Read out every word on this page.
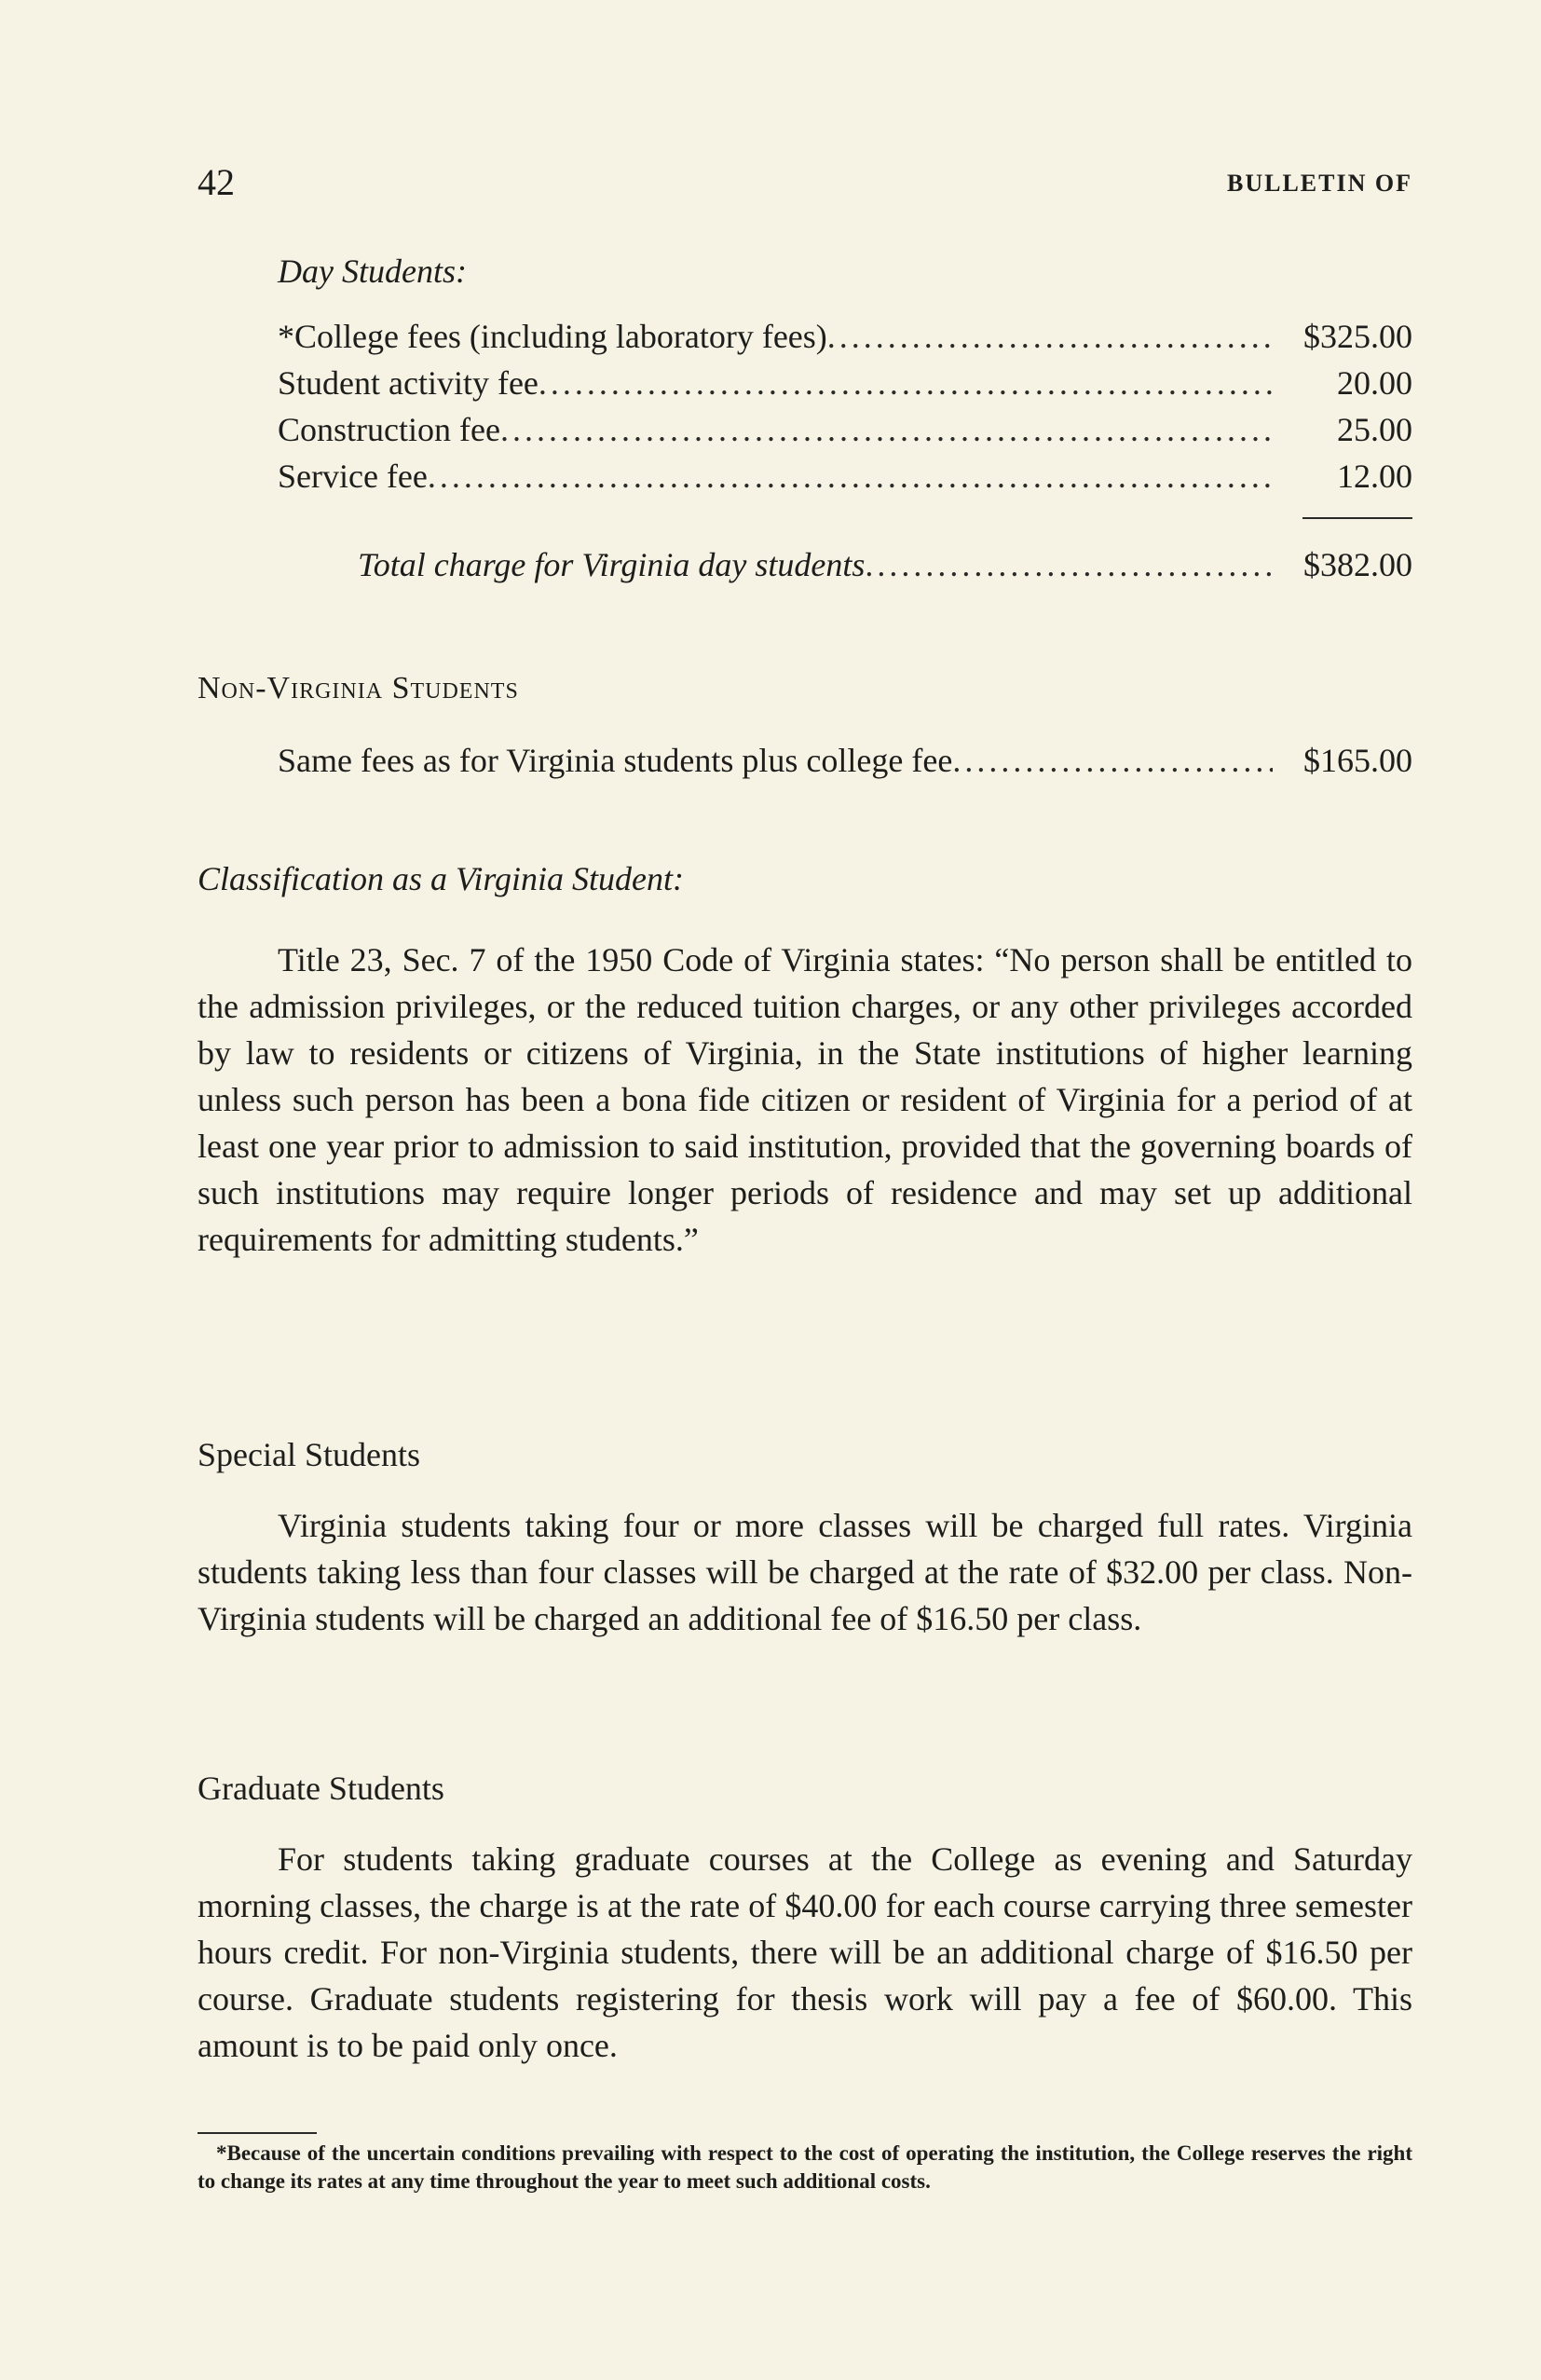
42	BULLETIN OF
Day Students:
*College fees (including laboratory fees) .....	$325.00
Student activity fee .....	20.00
Construction fee .....	25.00
Service fee .....	12.00
Total charge for Virginia day students .....	$382.00
Non-Virginia Students
Same fees as for Virginia students plus college fee .....	$165.00
Classification as a Virginia Student:

Title 23, Sec. 7 of the 1950 Code of Virginia states: “No person shall be entitled to the admission privileges, or the reduced tuition charges, or any other privileges accorded by law to residents or citizens of Virginia, in the State institutions of higher learning unless such person has been a bona fide citizen or resident of Virginia for a period of at least one year prior to admission to said institution, provided that the governing boards of such institutions may require longer periods of residence and may set up additional requirements for admitting students.”

Special Students

Virginia students taking four or more classes will be charged full rates. Virginia students taking less than four classes will be charged at the rate of $32.00 per class. Non-Virginia students will be charged an additional fee of $16.50 per class.

Graduate Students

For students taking graduate courses at the College as evening and Saturday morning classes, the charge is at the rate of $40.00 for each course carrying three semester hours credit. For non-Virginia students, there will be an additional charge of $16.50 per course. Graduate students registering for thesis work will pay a fee of $60.00. This amount is to be paid only once.

*Because of the uncertain conditions prevailing with respect to the cost of operating the institution, the College reserves the right to change its rates at any time throughout the year to meet such additional costs.
